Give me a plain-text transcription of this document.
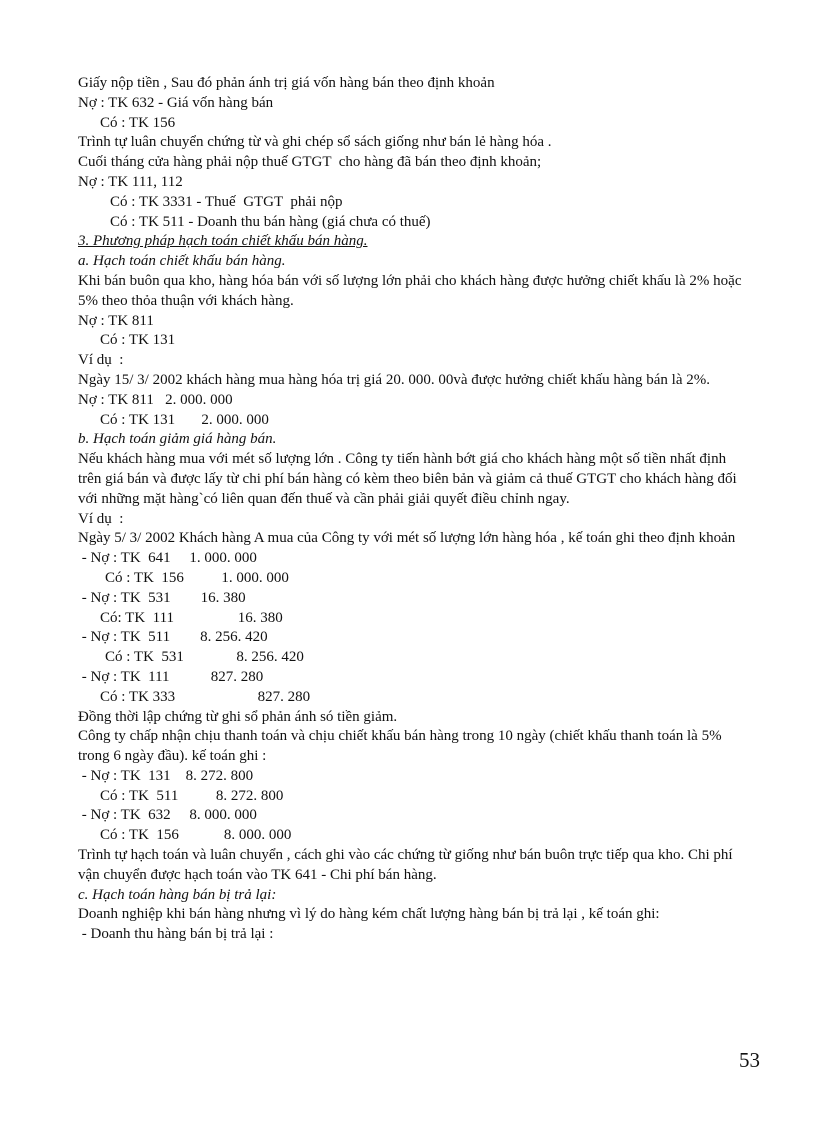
Giấy nộp tiền , Sau đó phản ánh trị giá vốn hàng bán theo định khoản
Nợ : TK 632 - Giá vốn hàng bán
Có : TK 156
Trình tự luân chuyển chứng từ và ghi chép sổ sách giống như bán lẻ hàng hóa .
Cuối tháng cửa hàng phải nộp thuế GTGT  cho hàng đã bán theo định khoản;
Nợ : TK 111, 112
Có : TK 3331 - Thuế  GTGT  phải nộp
Có : TK 511 - Doanh thu bán hàng (giá chưa có thuế)
3. Phương pháp hạch toán chiết khấu bán hàng.
a. Hạch toán chiết khấu bán hàng.
Khi bán buôn qua kho, hàng hóa bán với số lượng lớn phải cho khách hàng được hưởng chiết khấu là 2% hoặc 5% theo thỏa thuận với khách hàng.
Nợ : TK 811
Có : TK 131
Ví dụ  :
Ngày 15/ 3/ 2002 khách hàng mua hàng hóa trị giá 20. 000. 00và được hưởng chiết khấu hàng bán là 2%.
Nợ : TK 811   2. 000. 000
Có : TK 131       2. 000. 000
b. Hạch toán giảm giá hàng bán.
Nếu khách hàng mua với mét số lượng lớn . Công ty tiến hành bớt giá cho khách hàng một số tiền nhất định trên giá bán và được lấy từ chi phí bán hàng có kèm theo biên bản và giảm cả thuế GTGT cho khách hàng đối với những mặt hàng`có liên quan đến thuế và cần phải giải quyết điều chỉnh ngay.
Ví dụ  :
Ngày 5/ 3/ 2002 Khách hàng A mua của Công ty với mét số lượng lớn hàng hóa , kế toán ghi theo định khoản
- Nợ : TK  641     1. 000. 000
Có : TK  156          1. 000. 000
- Nợ : TK  531        16. 380
Có: TK  111                 16. 380
- Nợ : TK  511        8. 256. 420
Có : TK  531              8. 256. 420
- Nợ : TK  111           827. 280
Có : TK 333                      827. 280
Đồng thời lập chứng từ ghi sổ phản ánh só tiền giảm.
Công ty chấp nhận chịu thanh toán và chịu chiết khấu bán hàng trong 10 ngày (chiết khấu thanh toán là 5% trong 6 ngày đầu). kế toán ghi :
- Nợ : TK  131    8. 272. 800
Có : TK  511          8. 272. 800
- Nợ : TK  632     8. 000. 000
Có : TK  156            8. 000. 000
Trình tự hạch toán và luân chuyển , cách ghi vào các chứng từ giống như bán buôn trực tiếp qua kho. Chi phí vận chuyển được hạch toán vào TK 641 - Chi phí bán hàng.
c. Hạch toán hàng bán bị trả lại:
Doanh nghiệp khi bán hàng nhưng vì lý do hàng kém chất lượng hàng bán bị trả lại , kế toán ghi:
- Doanh thu hàng bán bị trả lại :
53
